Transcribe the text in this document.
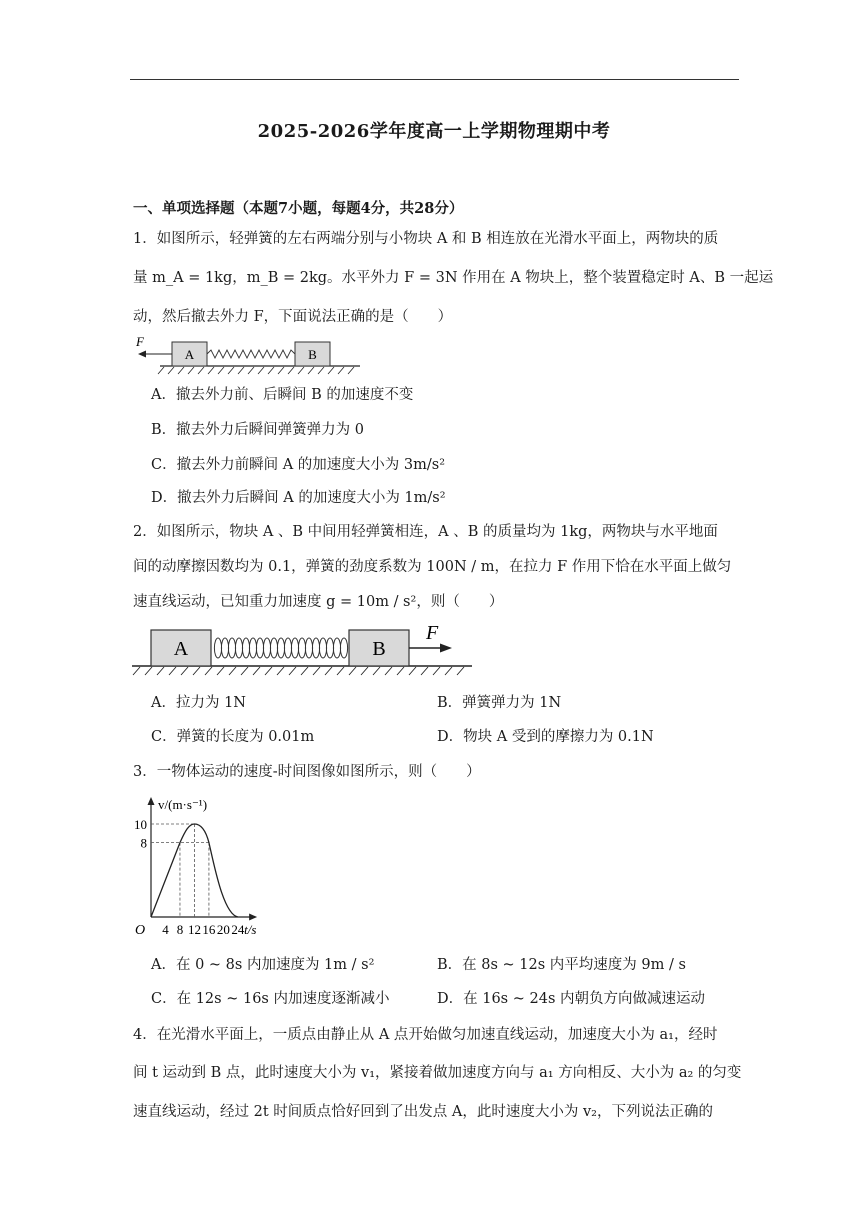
2025-2026学年度高一上学期物理期中考
一、单项选择题（本题7小题，每题4分，共28分）
1．如图所示，轻弹簧的左右两端分别与小物块 A 和 B 相连放在光滑水平面上，两物块的质
量 m_A = 1kg，m_B = 2kg。水平外力 F = 3N 作用在 A 物块上，整个装置稳定时 A、B 一起运
动，然后撤去外力 F，下面说法正确的是（　　）
A	B
F
A．撤去外力前、后瞬间 B 的加速度不变
B．撤去外力后瞬间弹簧弹力为 0
C．撤去外力前瞬间 A 的加速度大小为 3m/s²
D．撤去外力后瞬间 A 的加速度大小为 1m/s²
2．如图所示，物块 A 、B 中间用轻弹簧相连，A 、B 的质量均为 1kg，两物块与水平地面
间的动摩擦因数均为 0.1，弹簧的劲度系数为 100N / m，在拉力 F 作用下恰在水平面上做匀
速直线运动，已知重力加速度 g = 10m / s²，则（　　）
A	B
F
A．拉力为 1N	B．弹簧弹力为 1N
C．弹簧的长度为 0.01m	D．物块 A 受到的摩擦力为 0.1N
3．一物体运动的速度-时间图像如图所示，则（　　）
v/(m·s⁻¹)
t/s
O 4 8 12 16 20 24
8
10
A．在 0 ~ 8s 内加速度为 1m / s²	B．在 8s ~ 12s 内平均速度为 9m / s
C．在 12s ~ 16s 内加速度逐渐减小	D．在 16s ~ 24s 内朝负方向做减速运动
4．在光滑水平面上，一质点由静止从 A 点开始做匀加速直线运动，加速度大小为 a₁，经时
间 t 运动到 B 点，此时速度大小为 v₁，紧接着做加速度方向与 a₁ 方向相反、大小为 a₂ 的匀变
速直线运动，经过 2t 时间质点恰好回到了出发点 A，此时速度大小为 v₂，下列说法正确的
